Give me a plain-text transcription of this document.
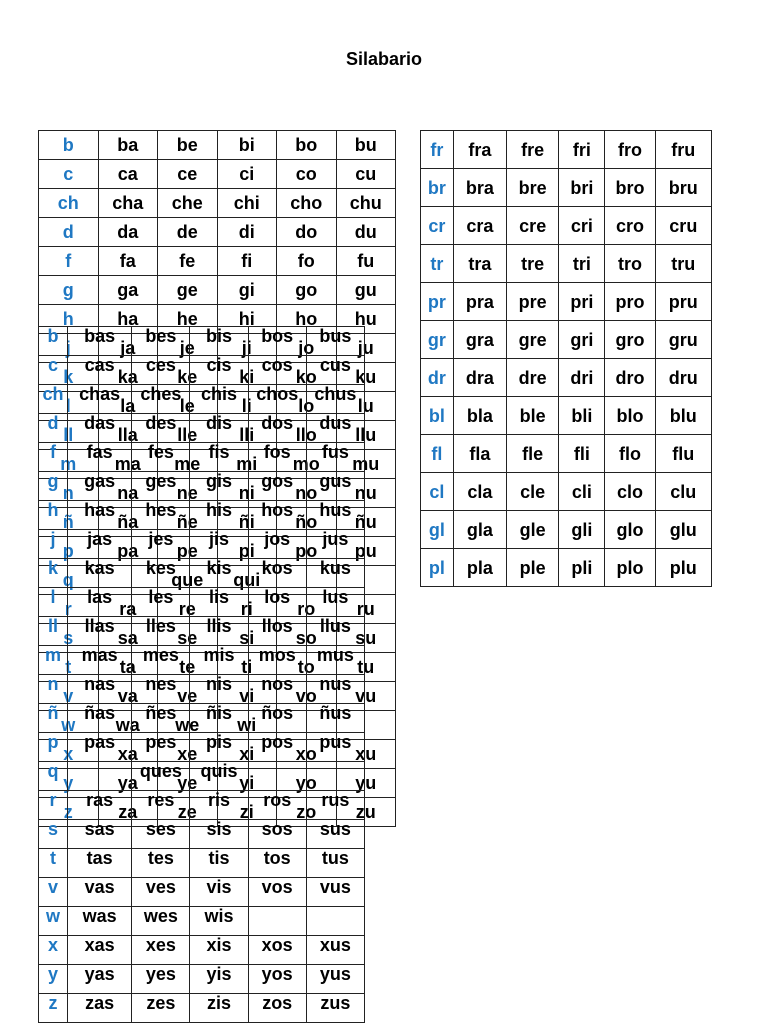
Silabario
b	ba	be	bi	bo	bu
c	ca	ce	ci	co	cu
ch	cha	che	chi	cho	chu
d	da	de	di	do	du
f	fa	fe	fi	fo	fu
g	ga	ge	gi	go	gu
h	ha	he	hi	ho	hu
j	ja	je	ji	jo	ju
k	ka	ke	ki	ko	ku
l	la	le	li	lo	lu
ll	lla	lle	lli	llo	llu
m	ma	me	mi	mo	mu
n	na	ne	ni	no	nu
ñ	ña	ñe	ñi	ño	ñu
p	pa	pe	pi	po	pu
q		que	qui		
r	ra	re	ri	ro	ru
s	sa	se	si	so	su
t	ta	te	ti	to	tu
v	va	ve	vi	vo	vu
w	wa	we	wi		
x	xa	xe	xi	xo	xu
y	ya	ye	yi	yo	yu
z	za	ze	zi	zo	zu
b	bas	bes	bis	bos	bus
c	cas	ces	cis	cos	cus
ch	chas	ches	chis	chos	chus
d	das	des	dis	dos	dus
f	fas	fes	fis	fos	fus
g	gas	ges	gis	gos	gus
h	has	hes	his	hos	hus
j	jas	jes	jis	jos	jus
k	kas	kes	kis	kos	kus
l	las	les	lis	los	lus
ll	llas	lles	llis	llos	llus
m	mas	mes	mis	mos	mus
n	nas	nes	nis	nos	nus
ñ	ñas	ñes	ñis	ños	ñus
p	pas	pes	pis	pos	pus
q		ques	quis		
r	ras	res	ris	ros	rus
s	sas	ses	sis	sos	sus
t	tas	tes	tis	tos	tus
v	vas	ves	vis	vos	vus
w	was	wes	wis		
x	xas	xes	xis	xos	xus
y	yas	yes	yis	yos	yus
z	zas	zes	zis	zos	zus
fr	fra	fre	fri	fro	fru
br	bra	bre	bri	bro	bru
cr	cra	cre	cri	cro	cru
tr	tra	tre	tri	tro	tru
pr	pra	pre	pri	pro	pru
gr	gra	gre	gri	gro	gru
dr	dra	dre	dri	dro	dru
bl	bla	ble	bli	blo	blu
fl	fla	fle	fli	flo	flu
cl	cla	cle	cli	clo	clu
gl	gla	gle	gli	glo	glu
pl	pla	ple	pli	plo	plu
